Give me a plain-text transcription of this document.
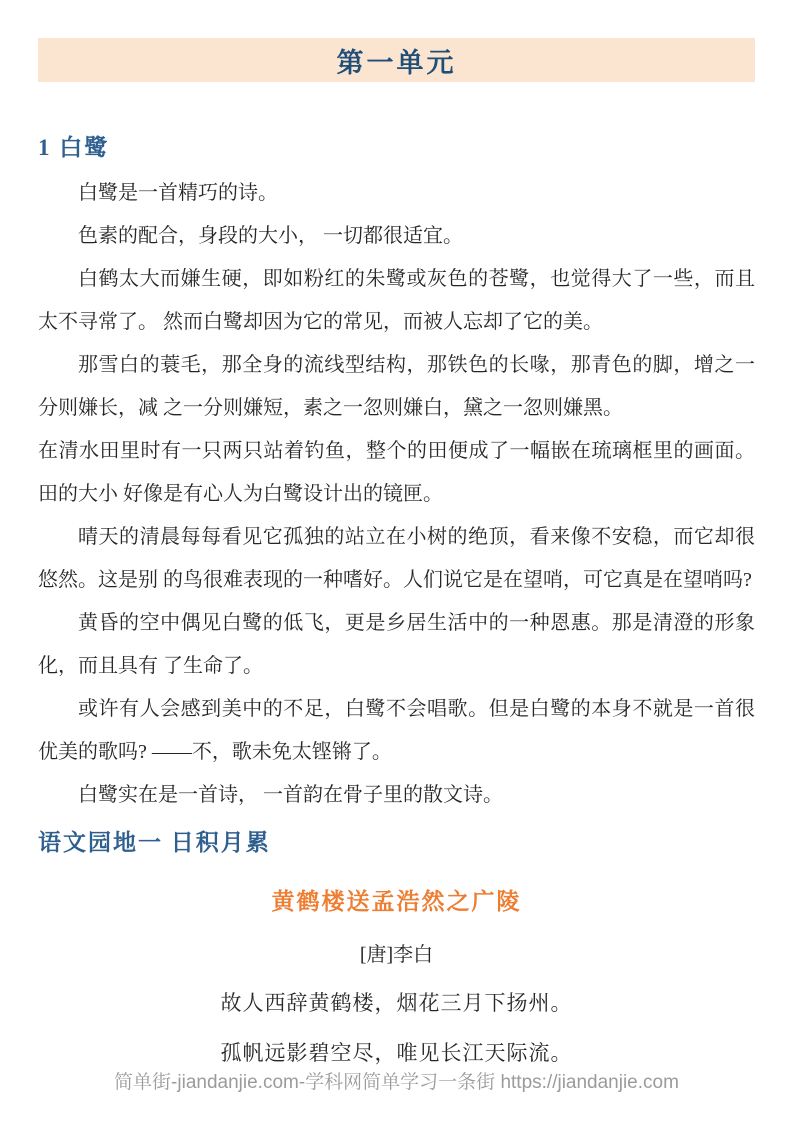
第一单元
1 白鹭

白鹭是一首精巧的诗。

色素的配合，身段的大小， 一切都很适宜。

白鹤太大而嫌生硬，即如粉红的朱鹭或灰色的苍鹭，也觉得大了一些，而且太不寻常了。 然而白鹭却因为它的常见，而被人忘却了它的美。

那雪白的蓑毛，那全身的流线型结构，那铁色的长喙，那青色的脚，增之一分则嫌长，减 之一分则嫌短，素之一忽则嫌白，黛之一忽则嫌黑。

在清水田里时有一只两只站着钓鱼，整个的田便成了一幅嵌在琉璃框里的画面。田的大小 好像是有心人为白鹭设计出的镜匣。

晴天的清晨每每看见它孤独的站立在小树的绝顶，看来像不安稳，而它却很悠然。这是别 的鸟很难表现的一种嗜好。人们说它是在望哨，可它真是在望哨吗?

黄昏的空中偶见白鹭的低飞，更是乡居生活中的一种恩惠。那是清澄的形象化，而且具有 了生命了。

或许有人会感到美中的不足，白鹭不会唱歌。但是白鹭的本身不就是一首很优美的歌吗? ——不，歌未免太铿锵了。

白鹭实在是一首诗， 一首韵在骨子里的散文诗。

语文园地一 日积月累
黄鹤楼送孟浩然之广陵
[唐]李白
故人西辞黄鹤楼，烟花三月下扬州。
孤帆远影碧空尽，唯见长江天际流。
简单街-jiandanjie.com-学科网简单学习一条街 https://jiandanjie.com
